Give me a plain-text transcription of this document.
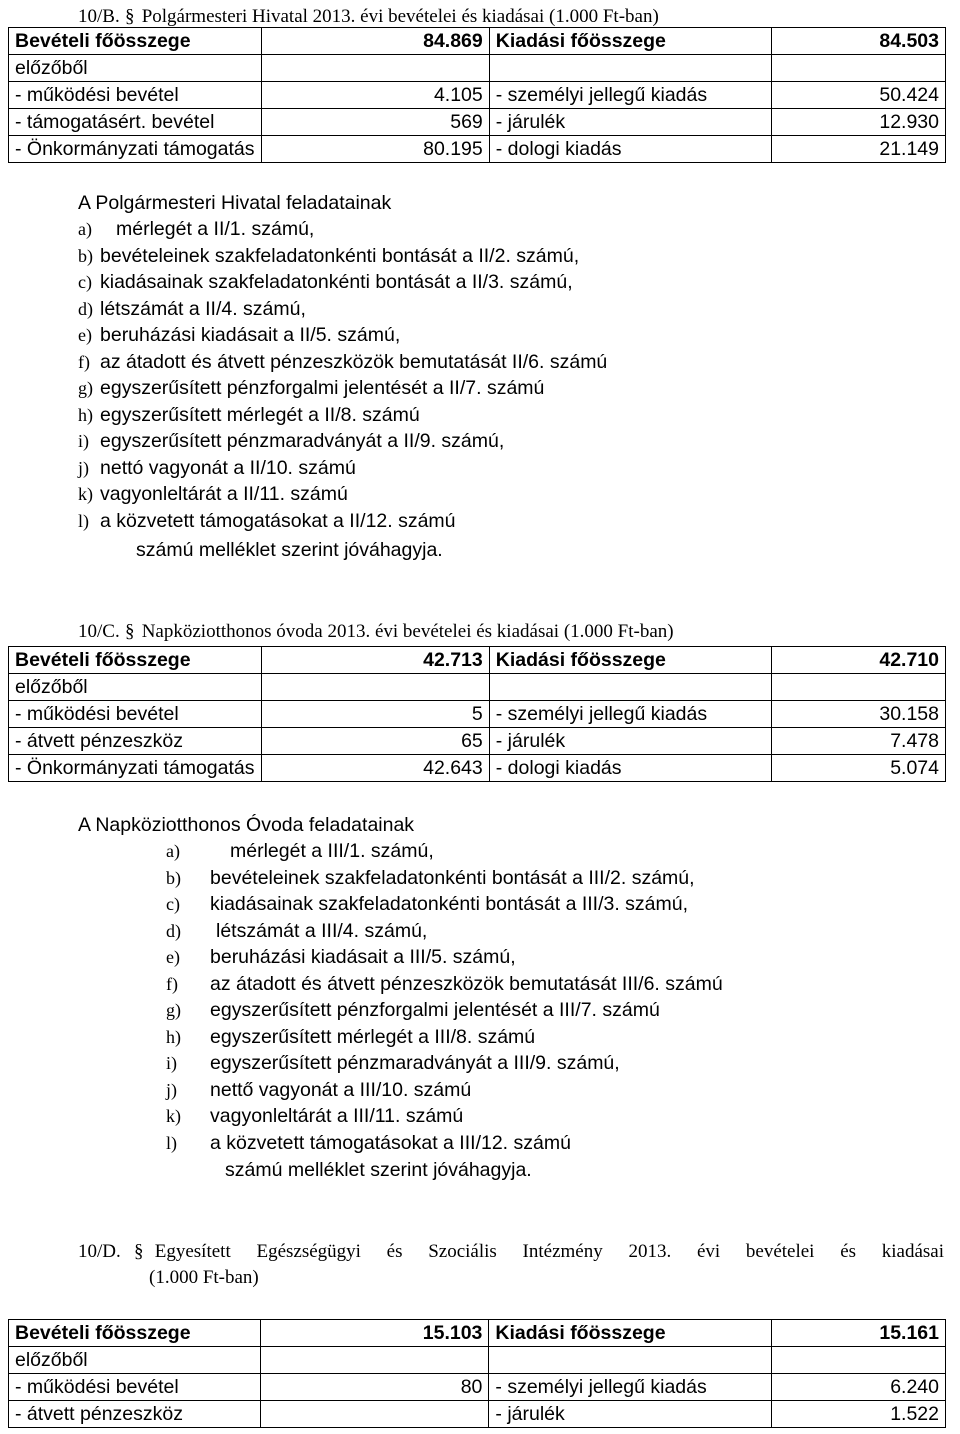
10/B. § Polgármesteri Hivatal 2013. évi bevételei és kiadásai (1.000 Ft-ban)
Bevételi főösszege	84.869	Kiadási főösszege	84.503
előzőből			
- működési bevétel	4.105	- személyi jellegű kiadás	50.424
- támogatásért. bevétel	569	- járulék	12.930
- Önkormányzati támogatás	80.195	- dologi kiadás	21.149
A Polgármesteri Hivatal feladatainak
a)	mérlegét a II/1. számú,
b) bevételeinek szakfeladatonkénti bontását a II/2. számú,
c) kiadásainak szakfeladatonkénti bontását a II/3. számú,
d) létszámát a II/4. számú,
e) beruházási kiadásait a II/5. számú,
f) az átadott és átvett pénzeszközök bemutatását II/6. számú
g) egyszerűsített pénzforgalmi jelentését a II/7. számú
h) egyszerűsített mérlegét a II/8. számú
i) egyszerűsített pénzmaradványát a II/9. számú,
j) nettó vagyonát a II/10. számú
k) vagyonleltárát a II/11. számú
l) a közvetett támogatásokat a II/12. számú
számú melléklet szerint jóváhagyja.
10/C. § Napköziotthonos óvoda 2013. évi bevételei és kiadásai (1.000 Ft-ban)
Bevételi főösszege	42.713	Kiadási főösszege	42.710
előzőből			
- működési bevétel	5	- személyi jellegű kiadás	30.158
- átvett pénzeszköz	65	- járulék	7.478
- Önkormányzati támogatás	42.643	- dologi kiadás	5.074
A Napköziotthonos Óvoda feladatainak
a)	mérlegét a III/1. számú,
b)	bevételeinek szakfeladatonkénti bontását a III/2. számú,
c)	kiadásainak szakfeladatonkénti bontását a III/3. számú,
d)	létszámát a III/4. számú,
e)	beruházási kiadásait a III/5. számú,
f)	az átadott és átvett pénzeszközök bemutatását III/6. számú
g)	egyszerűsített pénzforgalmi jelentését a III/7. számú
h)	egyszerűsített mérlegét a III/8. számú
i)	egyszerűsített pénzmaradványát a III/9. számú,
j)	nettő vagyonát a III/10. számú
k)	vagyonleltárát a III/11. számú
l)	a közvetett támogatásokat a III/12. számú
számú melléklet szerint jóváhagyja.
10/D. § Egyesített Egészségügyi és Szociális Intézmény 2013. évi bevételei és kiadásai
(1.000 Ft-ban)
Bevételi főösszege	15.103	Kiadási főösszege	15.161
előzőből			
- működési bevétel	80	- személyi jellegű kiadás	6.240
- átvett pénzeszköz		- járulék	1.522
